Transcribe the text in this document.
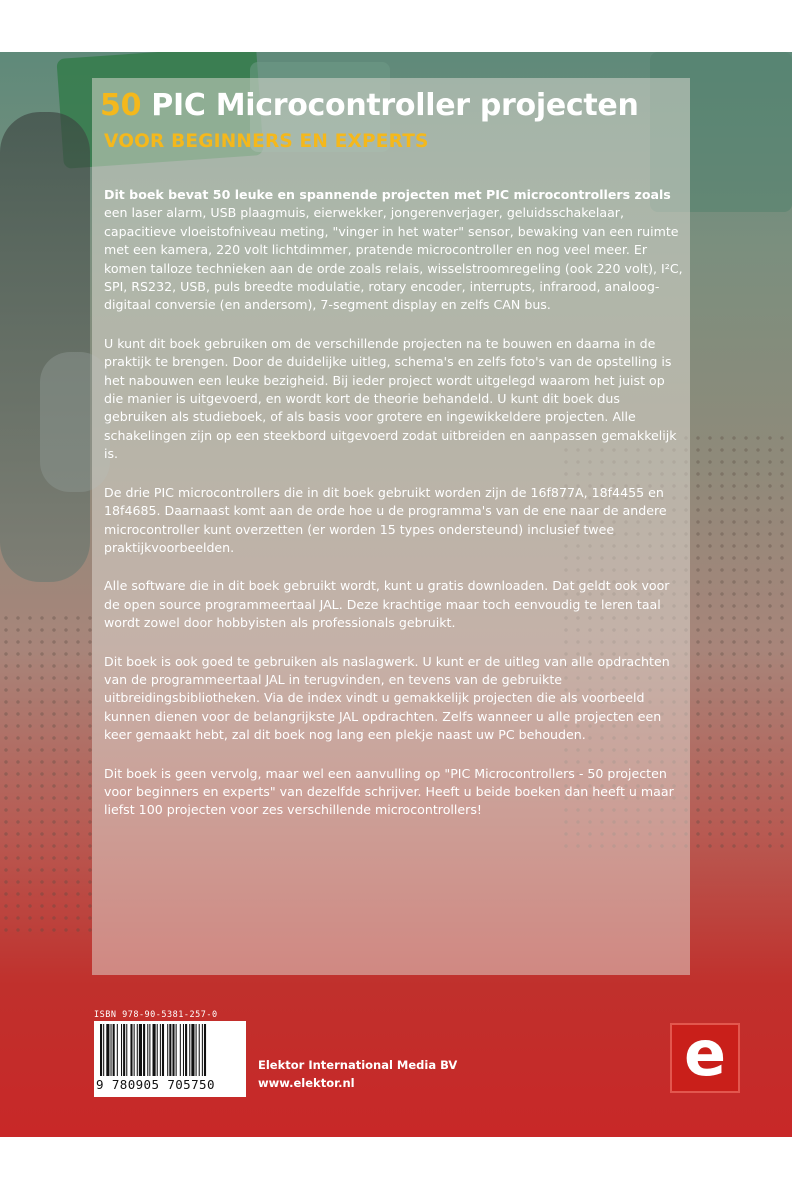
50 PIC Microcontroller projecten
VOOR BEGINNERS EN EXPERTS

Dit boek bevat 50 leuke en spannende projecten met PIC microcontrollers zoals een laser alarm, USB plaagmuis, eierwekker, jongerenverjager, geluidsschakelaar, capacitieve vloeistofniveau meting, "vinger in het water" sensor, bewaking van een ruimte met een kamera, 220 volt lichtdimmer, pratende microcontroller en nog veel meer. Er komen talloze technieken aan de orde zoals relais, wisselstroomregeling (ook 220 volt), I²C, SPI, RS232, USB, puls breedte modulatie, rotary encoder, interrupts, infrarood, analoog-digitaal conversie (en andersom), 7-segment display en zelfs CAN bus.

U kunt dit boek gebruiken om de verschillende projecten na te bouwen en daarna in de praktijk te brengen. Door de duidelijke uitleg, schema's en zelfs foto's van de opstelling is het nabouwen een leuke bezigheid. Bij ieder project wordt uitgelegd waarom het juist op die manier is uitgevoerd, en wordt kort de theorie behandeld. U kunt dit boek dus gebruiken als studieboek, of als basis voor grotere en ingewikkeldere projecten. Alle schakelingen zijn op een steekbord uitgevoerd zodat uitbreiden en aanpassen gemakkelijk is.

De drie PIC microcontrollers die in dit boek gebruikt worden zijn de 16f877A, 18f4455 en 18f4685. Daarnaast komt aan de orde hoe u de programma's van de ene naar de andere microcontroller kunt overzetten (er worden 15 types ondersteund) inclusief twee praktijkvoorbeelden.

Alle software die in dit boek gebruikt wordt, kunt u gratis downloaden. Dat geldt ook voor de open source programmeertaal JAL. Deze krachtige maar toch eenvoudig te leren taal wordt zowel door hobbyisten als professionals gebruikt.

Dit boek is ook goed te gebruiken als naslagwerk. U kunt er de uitleg van alle opdrachten van de programmeertaal JAL in terugvinden, en tevens van de gebruikte uitbreidingsbibliotheken. Via de index vindt u gemakkelijk projecten die als voorbeeld kunnen dienen voor de belangrijkste JAL opdrachten. Zelfs wanneer u alle projecten een keer gemaakt hebt, zal dit boek nog lang een plekje naast uw PC behouden.

Dit boek is geen vervolg, maar wel een aanvulling op "PIC Microcontrollers - 50 projecten voor beginners en experts" van dezelfde schrijver. Heeft u beide boeken dan heeft u maar liefst 100 projecten voor zes verschillende microcontrollers!

ISBN 978-90-5381-257-0

9 780905 705750

Elektor International Media BV

www.elektor.nl	e
